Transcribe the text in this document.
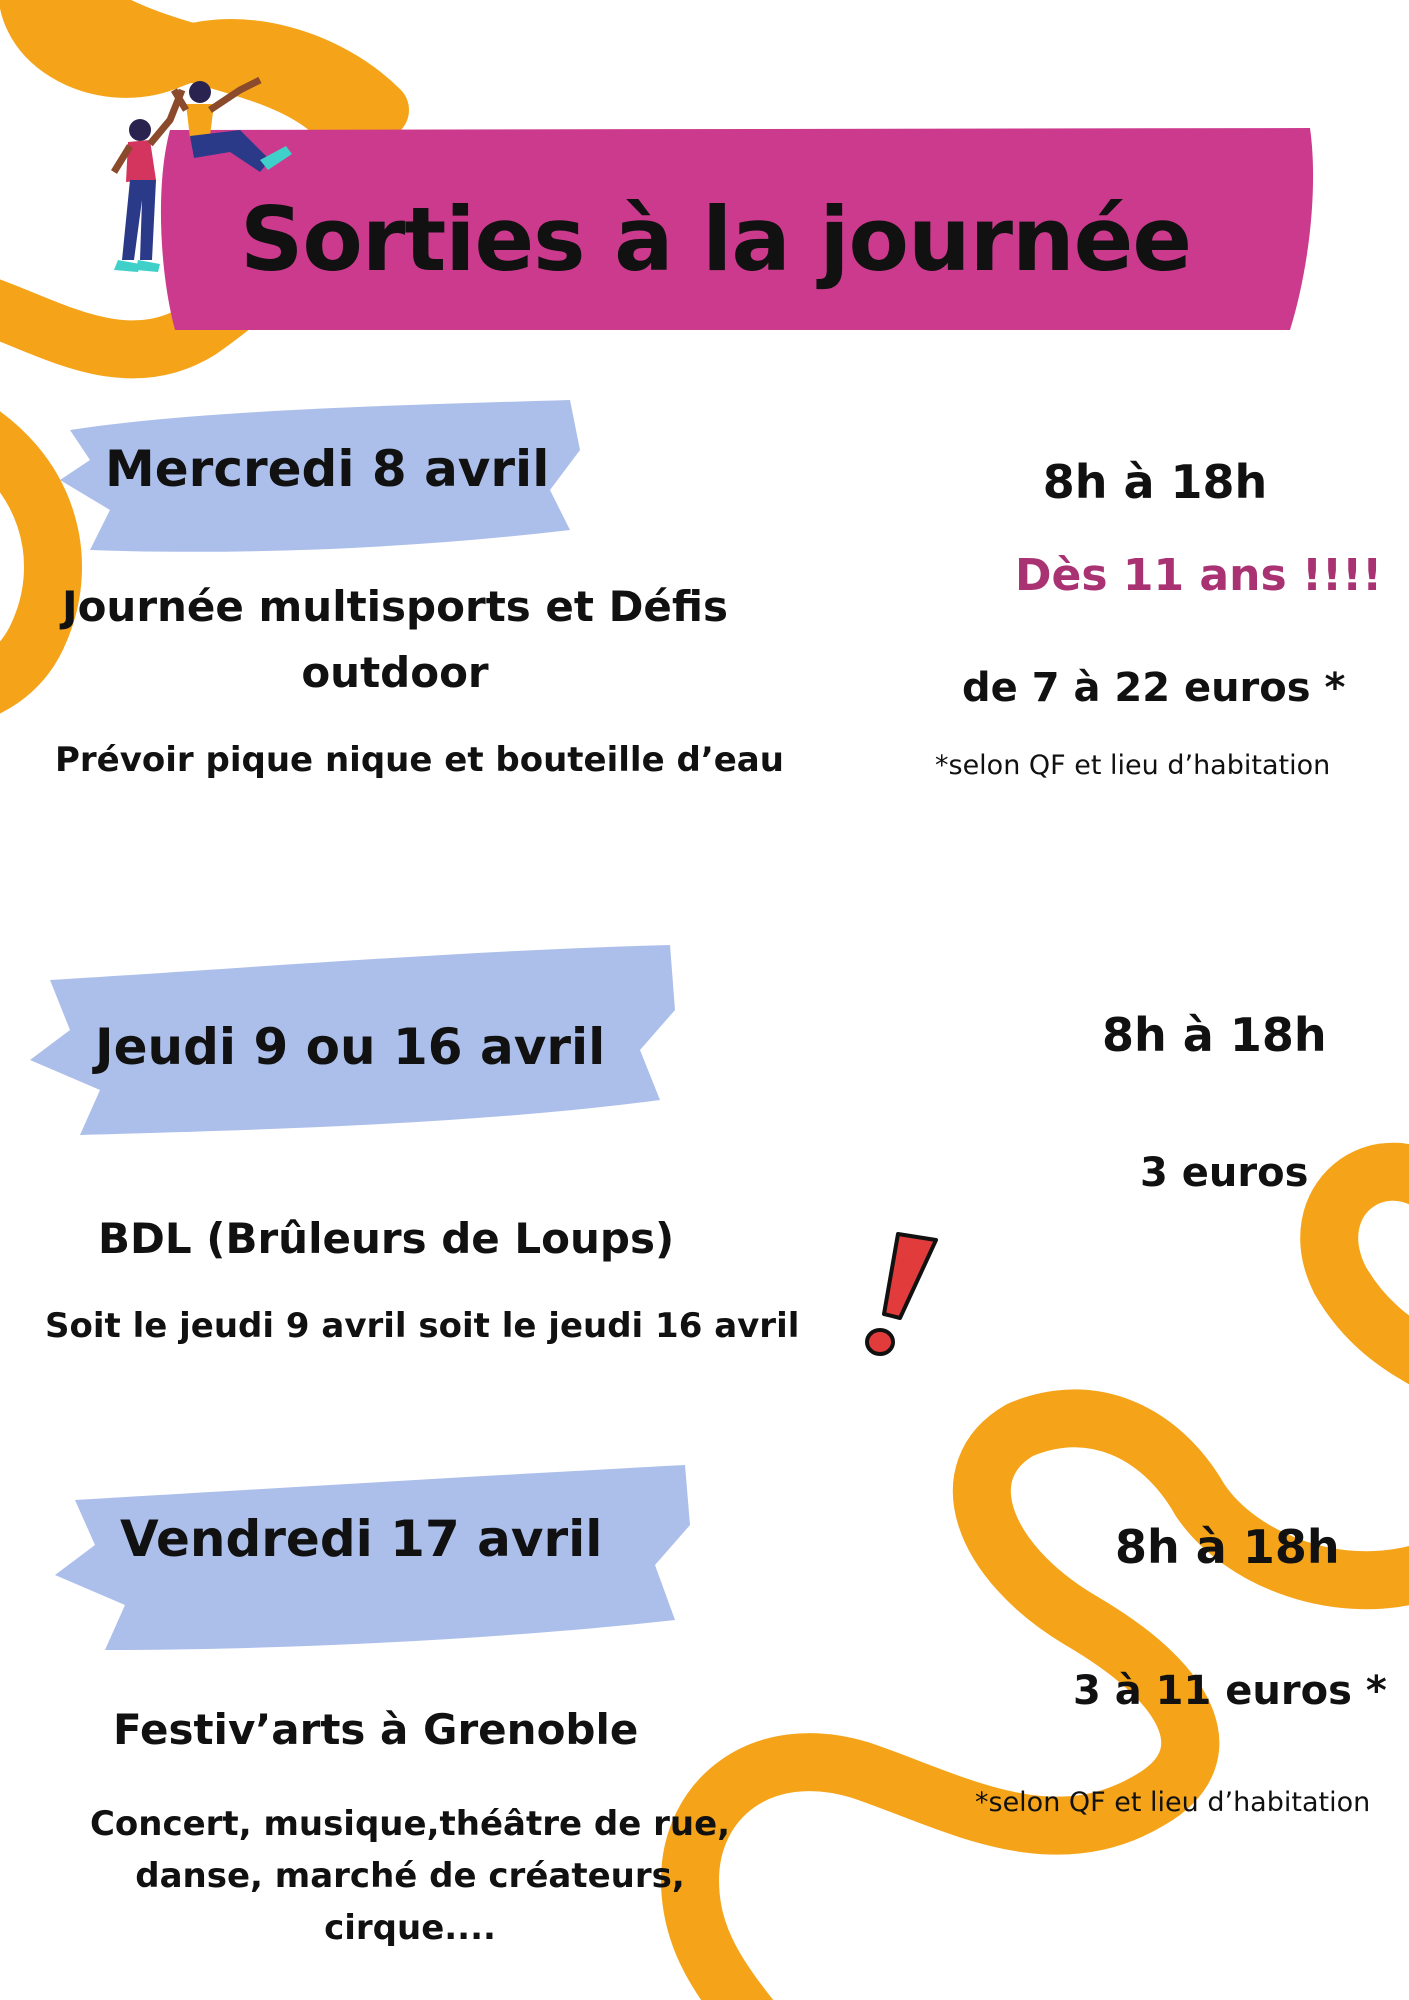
Sorties à la journée
Mercredi 8 avril
Journée multisports et Défis outdoor
Prévoir pique nique et bouteille d’eau
8h à 18h
Dès 11 ans !!!!
de 7 à 22 euros *
*selon QF et lieu d’habitation
Jeudi 9 ou 16 avril
BDL (Brûleurs de Loups)
Soit le jeudi 9 avril soit le jeudi 16 avril
8h à 18h
3 euros
Vendredi 17 avril
Festiv’arts à Grenoble
Concert, musique,théâtre de rue, danse, marché de créateurs, cirque....
8h à 18h
3 à 11 euros *
*selon QF et lieu d’habitation
